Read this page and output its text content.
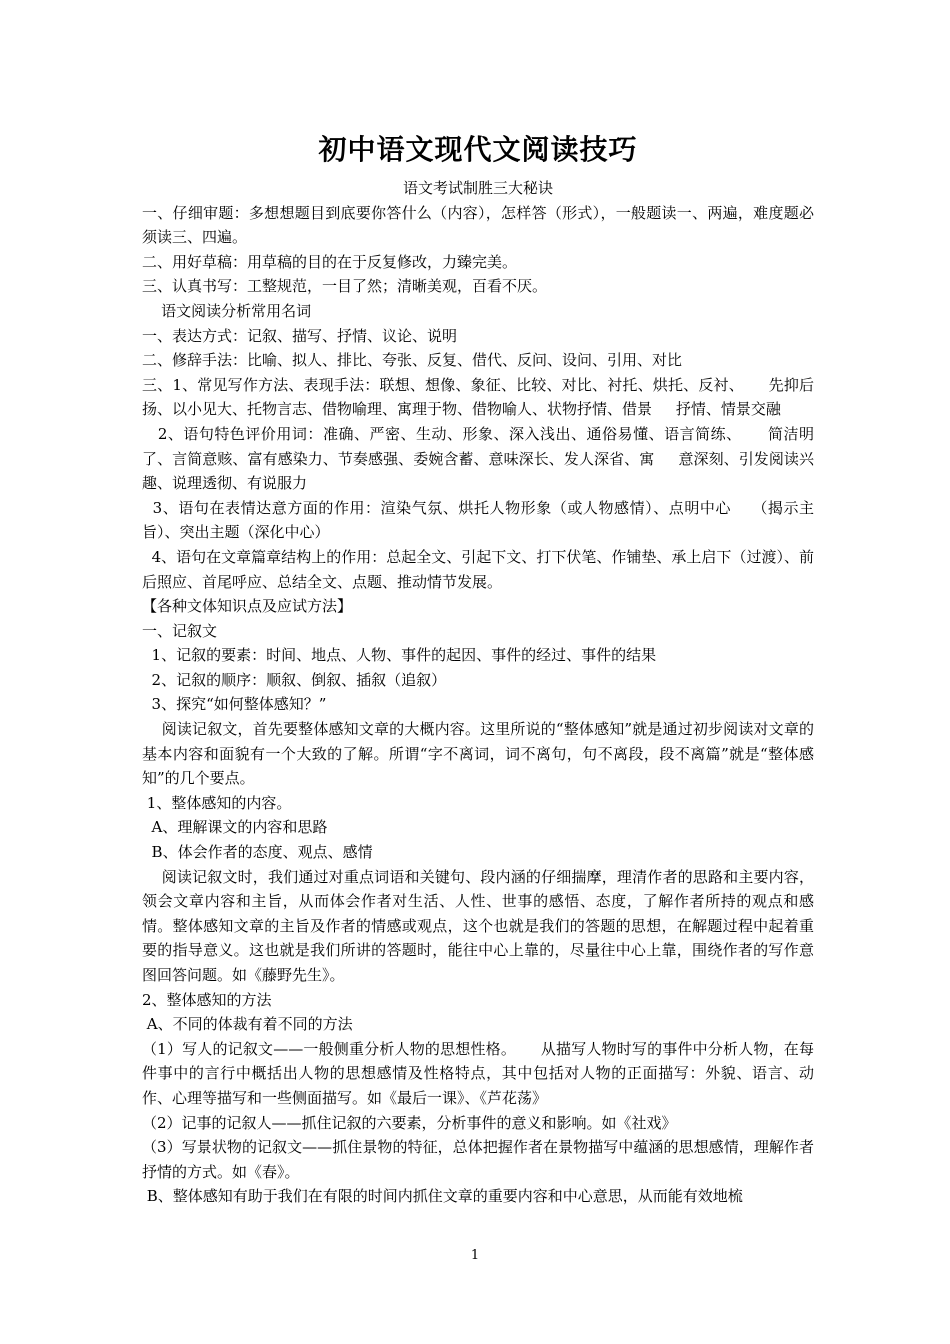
初中语文现代文阅读技巧
语文考试制胜三大秘诀
一、仔细审题：多想想题目到底要你答什么（内容），怎样答（形式），一般题读一、两遍，难度题必须读三、四遍。
二、用好草稿：用草稿的目的在于反复修改，力臻完美。
三、认真书写：工整规范，一目了然；清晰美观，百看不厌。
语文阅读分析常用名词
一、表达方式：记叙、描写、抒情、议论、说明
二、修辞手法：比喻、拟人、排比、夸张、反复、借代、反问、设问、引用、对比
三、1、常见写作方法、表现手法：联想、想像、象征、比较、对比、衬托、烘托、反衬、     先抑后扬、以小见大、托物言志、借物喻理、寓理于物、借物喻人、状物抒情、借景     抒情、情景交融
2、语句特色评价用词：准确、严密、生动、形象、深入浅出、通俗易懂、语言简练、     简洁明了、言简意赅、富有感染力、节奏感强、委婉含蓄、意味深长、发人深省、寓     意深刻、引发阅读兴趣、说理透彻、有说服力
3、语句在表情达意方面的作用：渲染气氛、烘托人物形象（或人物感情）、点明中心    （揭示主旨）、突出主题（深化中心）
4、语句在文章篇章结构上的作用：总起全文、引起下文、打下伏笔、作铺垫、承上启下（过渡）、前后照应、首尾呼应、总结全文、点题、推动情节发展。
【各种文体知识点及应试方法】
一、记叙文
1、记叙的要素：时间、地点、人物、事件的起因、事件的经过、事件的结果
2、记叙的顺序：顺叙、倒叙、插叙（追叙）
3、探究“如何整体感知？”
阅读记叙文，首先要整体感知文章的大概内容。这里所说的“整体感知”就是通过初步阅读对文章的基本内容和面貌有一个大致的了解。所谓“字不离词，词不离句，句不离段，段不离篇”就是“整体感知”的几个要点。
1、整体感知的内容。
A、理解课文的内容和思路
B、体会作者的态度、观点、感情
阅读记叙文时，我们通过对重点词语和关键句、段内涵的仔细揣摩，理清作者的思路和主要内容，领会文章内容和主旨，从而体会作者对生活、人性、世事的感悟、态度，了解作者所持的观点和感情。整体感知文章的主旨及作者的情感或观点，这个也就是我们的答题的思想，在解题过程中起着重要的指导意义。这也就是我们所讲的答题时，能往中心上靠的，尽量往中心上靠，围绕作者的写作意图回答问题。如《藤野先生》。
2、整体感知的方法
A、不同的体裁有着不同的方法
（1）写人的记叙文——一般侧重分析人物的思想性格。     从描写人物时写的事件中分析人物，在每件事中的言行中概括出人物的思想感情及性格特点，其中包括对人物的正面描写：外貌、语言、动作、心理等描写和一些侧面描写。如《最后一课》、《芦花荡》
（2）记事的记叙人——抓住记叙的六要素，分析事件的意义和影响。如《社戏》
（3）写景状物的记叙文——抓住景物的特征，总体把握作者在景物描写中蕴涵的思想感情，理解作者抒情的方式。如《春》。
B、整体感知有助于我们在有限的时间内抓住文章的重要内容和中心意思，从而能有效地梳
1
